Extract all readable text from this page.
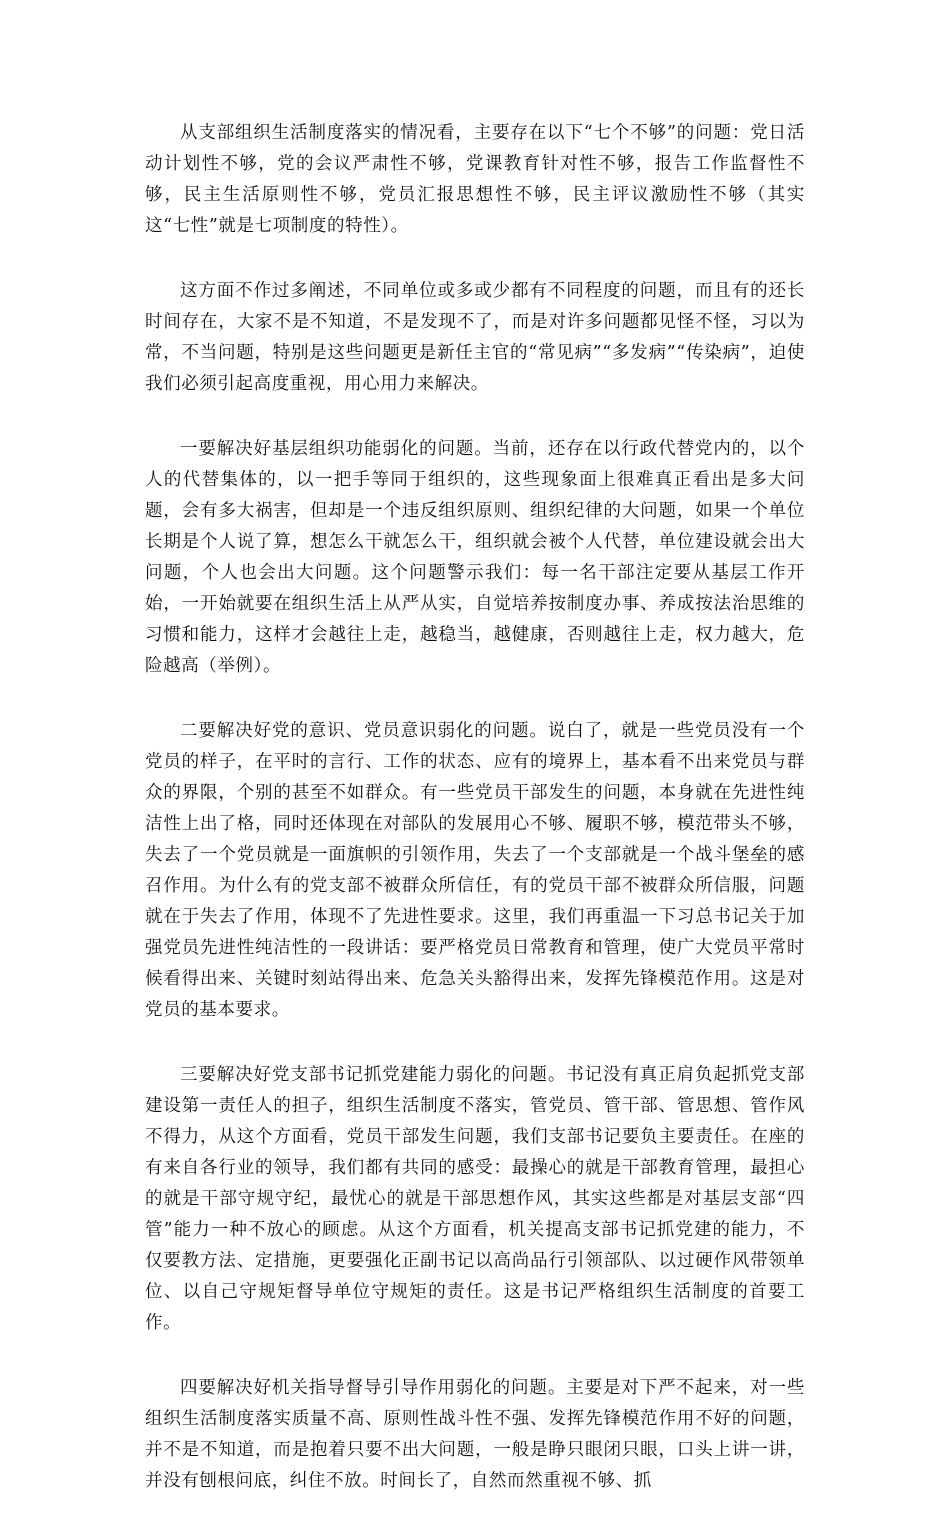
从支部组织生活制度落实的情况看，主要存在以下“七个不够”的问题：党日活动计划性不够，党的会议严肃性不够，党课教育针对性不够，报告工作监督性不够，民主生活原则性不够，党员汇报思想性不够，民主评议激励性不够（其实这“七性”就是七项制度的特性）。

这方面不作过多阐述，不同单位或多或少都有不同程度的问题，而且有的还长时间存在，大家不是不知道，不是发现不了，而是对许多问题都见怪不怪，习以为常，不当问题，特别是这些问题更是新任主官的“常见病”“多发病”“传染病”，迫使我们必须引起高度重视，用心用力来解决。

一要解决好基层组织功能弱化的问题。当前，还存在以行政代替党内的，以个人的代替集体的，以一把手等同于组织的，这些现象面上很难真正看出是多大问题，会有多大祸害，但却是一个违反组织原则、组织纪律的大问题，如果一个单位长期是个人说了算，想怎么干就怎么干，组织就会被个人代替，单位建设就会出大问题，个人也会出大问题。这个问题警示我们：每一名干部注定要从基层工作开始，一开始就要在组织生活上从严从实，自觉培养按制度办事、养成按法治思维的习惯和能力，这样才会越往上走，越稳当，越健康，否则越往上走，权力越大，危险越高（举例）。

二要解决好党的意识、党员意识弱化的问题。说白了，就是一些党员没有一个党员的样子，在平时的言行、工作的状态、应有的境界上，基本看不出来党员与群众的界限，个别的甚至不如群众。有一些党员干部发生的问题，本身就在先进性纯洁性上出了格，同时还体现在对部队的发展用心不够、履职不够，模范带头不够，失去了一个党员就是一面旗帜的引领作用，失去了一个支部就是一个战斗堡垒的感召作用。为什么有的党支部不被群众所信任，有的党员干部不被群众所信服，问题就在于失去了作用，体现不了先进性要求。这里，我们再重温一下习总书记关于加强党员先进性纯洁性的一段讲话：要严格党员日常教育和管理，使广大党员平常时候看得出来、关键时刻站得出来、危急关头豁得出来，发挥先锋模范作用。这是对党员的基本要求。

三要解决好党支部书记抓党建能力弱化的问题。书记没有真正肩负起抓党支部建设第一责任人的担子，组织生活制度不落实，管党员、管干部、管思想、管作风不得力，从这个方面看，党员干部发生问题，我们支部书记要负主要责任。在座的有来自各行业的领导，我们都有共同的感受：最操心的就是干部教育管理，最担心的就是干部守规守纪，最忧心的就是干部思想作风，其实这些都是对基层支部“四管”能力一种不放心的顾虑。从这个方面看，机关提高支部书记抓党建的能力，不仅要教方法、定措施，更要强化正副书记以高尚品行引领部队、以过硬作风带领单位、以自己守规矩督导单位守规矩的责任。这是书记严格组织生活制度的首要工作。

四要解决好机关指导督导引导作用弱化的问题。主要是对下严不起来，对一些组织生活制度落实质量不高、原则性战斗性不强、发挥先锋模范作用不好的问题，并不是不知道，而是抱着只要不出大问题，一般是睁只眼闭只眼，口头上讲一讲，并没有刨根问底，纠住不放。时间长了，自然而然重视不够、抓
